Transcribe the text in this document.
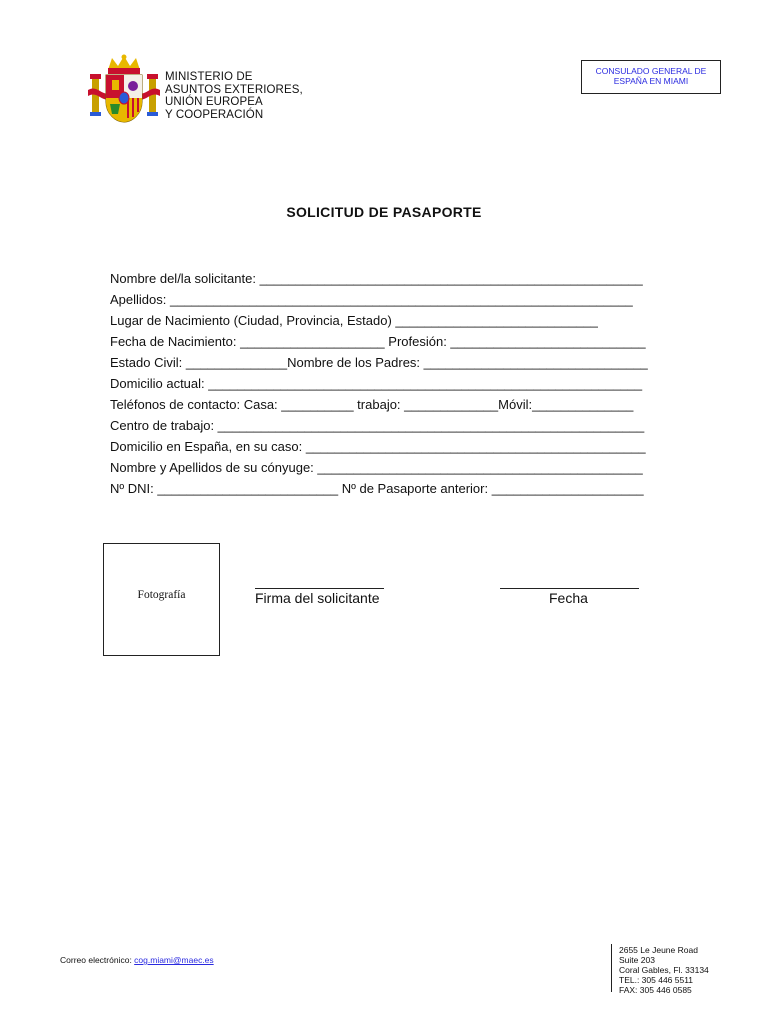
MINISTERIO DE
ASUNTOS EXTERIORES,
UNIÓN EUROPEA
Y COOPERACIÓN
CONSULADO GENERAL DE
ESPAÑA EN MIAMI
SOLICITUD DE PASAPORTE
Nombre del/la solicitante: _____________________________________________________
Apellidos: ________________________________________________________________
Lugar de Nacimiento (Ciudad, Provincia, Estado) ____________________________
Fecha de Nacimiento: ____________________ Profesión: ___________________________
Estado Civil: ______________Nombre de los Padres: _______________________________
Domicilio actual: ____________________________________________________________
Teléfonos de contacto: Casa: __________ trabajo: _____________Móvil:______________
Centro de trabajo: ___________________________________________________________
Domicilio en España, en su caso: _______________________________________________
Nombre y Apellidos de su cónyuge: _____________________________________________
Nº DNI: _________________________ Nº de Pasaporte anterior: _____________________
Fotografía	Firma del solicitante	Fecha
Correo electrónico: cog.miami@maec.es
2655 Le Jeune Road
Suite 203
Coral Gables, Fl. 33134
TEL.: 305 446 5511
FAX: 305 446 0585
